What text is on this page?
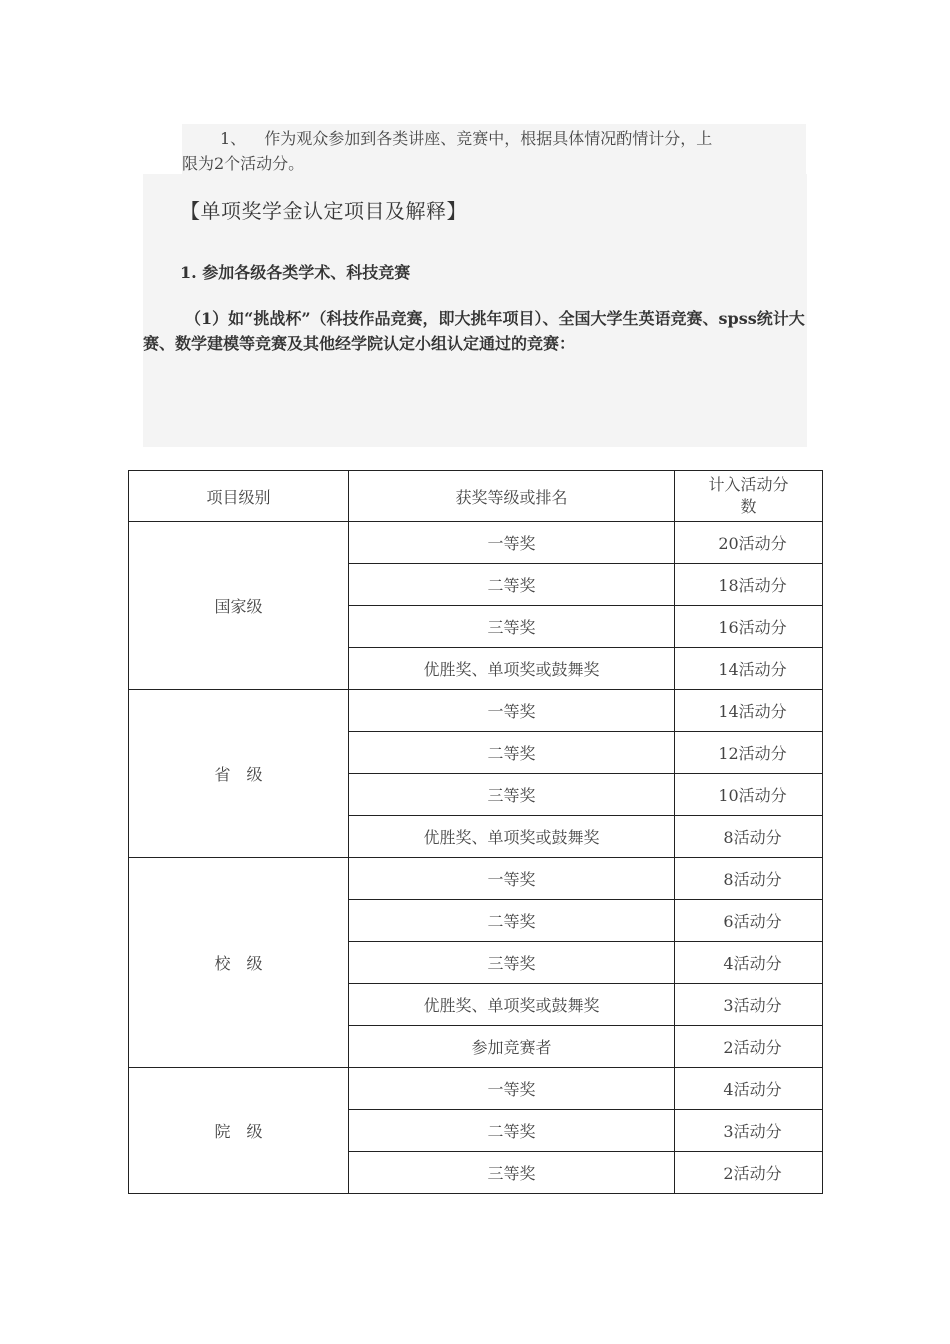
1、 作为观众参加到各类讲座、竞赛中，根据具体情况酌情计分，上
限为2个活动分。
【单项奖学金认定项目及解释】
1. 参加各级各类学术、科技竞赛
（1）如“挑战杯”（科技作品竞赛，即大挑年项目）、全国大学生英语竞赛、spss统计大赛、数学建模等竞赛及其他经学院认定小组认定通过的竞赛：
项目级别	获奖等级或排名	计入活动分
数
国家级	一等奖	20活动分
	二等奖	18活动分
	三等奖	16活动分
	优胜奖、单项奖或鼓舞奖	14活动分
省　级	一等奖	14活动分
	二等奖	12活动分
	三等奖	10活动分
	优胜奖、单项奖或鼓舞奖	8活动分
校　级	一等奖	8活动分
	二等奖	6活动分
	三等奖	4活动分
	优胜奖、单项奖或鼓舞奖	3活动分
	参加竞赛者	2活动分
院　级	一等奖	4活动分
	二等奖	3活动分
	三等奖	2活动分
